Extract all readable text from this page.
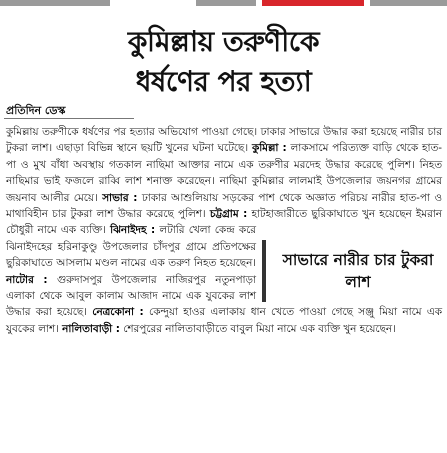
কুমিল্লায় তরুণীকে
ধর্ষণের পর হত্যা
প্রতিদিন ডেস্ক
সাভারে নারীর চার টুকরা লাশ

কুমিল্লায় তরুণীকে ধর্ষণের পর হত্যার অভিযোগ পাওয়া গেছে। ঢাকার সাভারে উদ্ধার করা হয়েছে নারীর চার টুকরা লাশ। এছাড়া বিভিন্ন স্থানে ছয়টি খুনের ঘটনা ঘটেছে। কুমিল্লা : লাকসামে পরিত্যক্ত বাড়ি থেকে হাত-পা ও মুখ বাঁধা অবস্থায় গতকাল নাছিমা আক্তার নামে এক তরুণীর মরদেহ উদ্ধার করেছে পুলিশ। নিহত নাছিমার ভাই ফজলে রাব্বি লাশ শনাক্ত করেছেন। নাছিমা কুমিল্লার লালমাই উপজেলার জয়নগর গ্রামের জয়নাব আলীর মেয়ে। সাভার : ঢাকার আশুলিয়ায় সড়কের পাশ থেকে অজ্ঞাত পরিচয় নারীর হাত-পা ও মাথাবিহীন চার টুকরা লাশ উদ্ধার করেছে পুলিশ। চট্টগ্রাম : হাটহাজারীতে ছুরিকাঘাতে খুন হয়েছেন ইমরান চৌধুরী নামে এক ব্যক্তি। ঝিনাইদহ : লটারি খেলা কেন্দ্র করে ঝিনাইদহের হরিনাকুণ্ডু উপজেলার চাঁদপুর গ্রামে প্রতিপক্ষের ছুরিকাঘাতে আসলাম মণ্ডল নামের এক তরুণ নিহত হয়েছেন। নাটোর : গুরুদাসপুর উপজেলার নাজিরপুর নতুনপাড়া এলাকা থেকে আবুল কালাম আজাদ নামে এক যুবকের লাশ উদ্ধার করা হয়েছে। নেত্রকোনা : কেন্দুয়া হাওর এলাকায় ধান খেতে পাওয়া গেছে সঞ্জু মিয়া নামে এক যুবকের লাশ। নালিতাবাড়ী : শেরপুরের নালিতাবাড়ীতে বাবুল মিয়া নামে এক ব্যক্তি খুন হয়েছেন।
